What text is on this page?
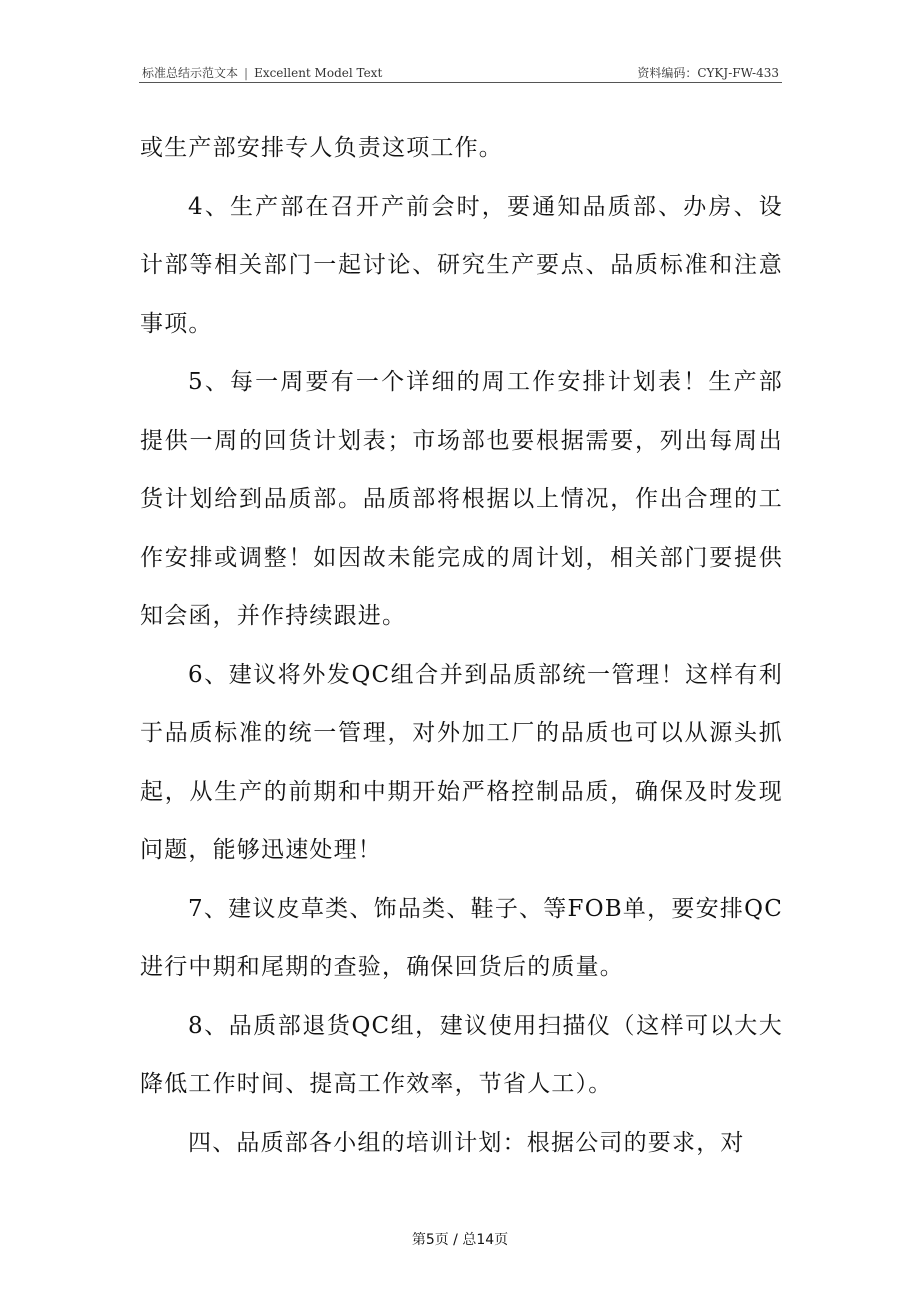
标准总结示范文本 | Excellent Model Text	资料编码：CYKJ-FW-433

或生产部安排专人负责这项工作。

4、生产部在召开产前会时，要通知品质部、办房、设计部等相关部门一起讨论、研究生产要点、品质标准和注意事项。

5、每一周要有一个详细的周工作安排计划表！生产部提供一周的回货计划表；市场部也要根据需要，列出每周出货计划给到品质部。品质部将根据以上情况，作出合理的工作安排或调整！如因故未能完成的周计划，相关部门要提供知会函，并作持续跟进。

6、建议将外发QC组合并到品质部统一管理！这样有利于品质标准的统一管理，对外加工厂的品质也可以从源头抓起，从生产的前期和中期开始严格控制品质，确保及时发现问题，能够迅速处理！

7、建议皮草类、饰品类、鞋子、等FOB单，要安排QC进行中期和尾期的查验，确保回货后的质量。

8、品质部退货QC组，建议使用扫描仪（这样可以大大降低工作时间、提高工作效率，节省人工）。

四、品质部各小组的培训计划：根据公司的要求，对

第5页 / 总14页
